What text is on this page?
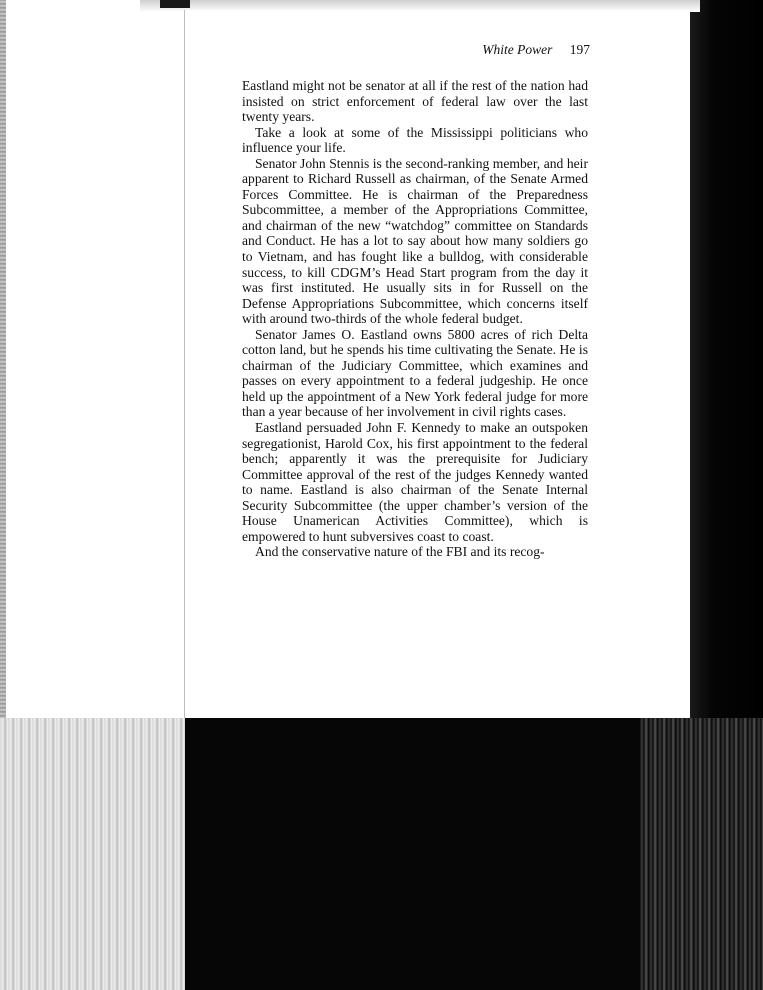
White Power 197

Eastland might not be senator at all if the rest of the nation had insisted on strict enforcement of federal law over the last twenty years.

Take a look at some of the Mississippi politicians who influence your life.

Senator John Stennis is the second-ranking member, and heir apparent to Richard Russell as chairman, of the Senate Armed Forces Committee. He is chairman of the Preparedness Subcommittee, a member of the Appropriations Committee, and chairman of the new “watchdog” committee on Standards and Conduct. He has a lot to say about how many soldiers go to Vietnam, and has fought like a bulldog, with considerable success, to kill CDGM’s Head Start program from the day it was first instituted. He usually sits in for Russell on the Defense Appropriations Subcommittee, which concerns itself with around two-thirds of the whole federal budget.

Senator James O. Eastland owns 5800 acres of rich Delta cotton land, but he spends his time cultivating the Senate. He is chairman of the Judiciary Committee, which examines and passes on every appointment to a federal judgeship. He once held up the appointment of a New York federal judge for more than a year because of her involvement in civil rights cases.

Eastland persuaded John F. Kennedy to make an outspoken segregationist, Harold Cox, his first appointment to the federal bench; apparently it was the prerequisite for Judiciary Committee approval of the rest of the judges Kennedy wanted to name. Eastland is also chairman of the Senate Internal Security Subcommittee (the upper chamber’s version of the House Unamerican Activities Committee), which is empowered to hunt subversives coast to coast.

And the conservative nature of the FBI and its recog-
